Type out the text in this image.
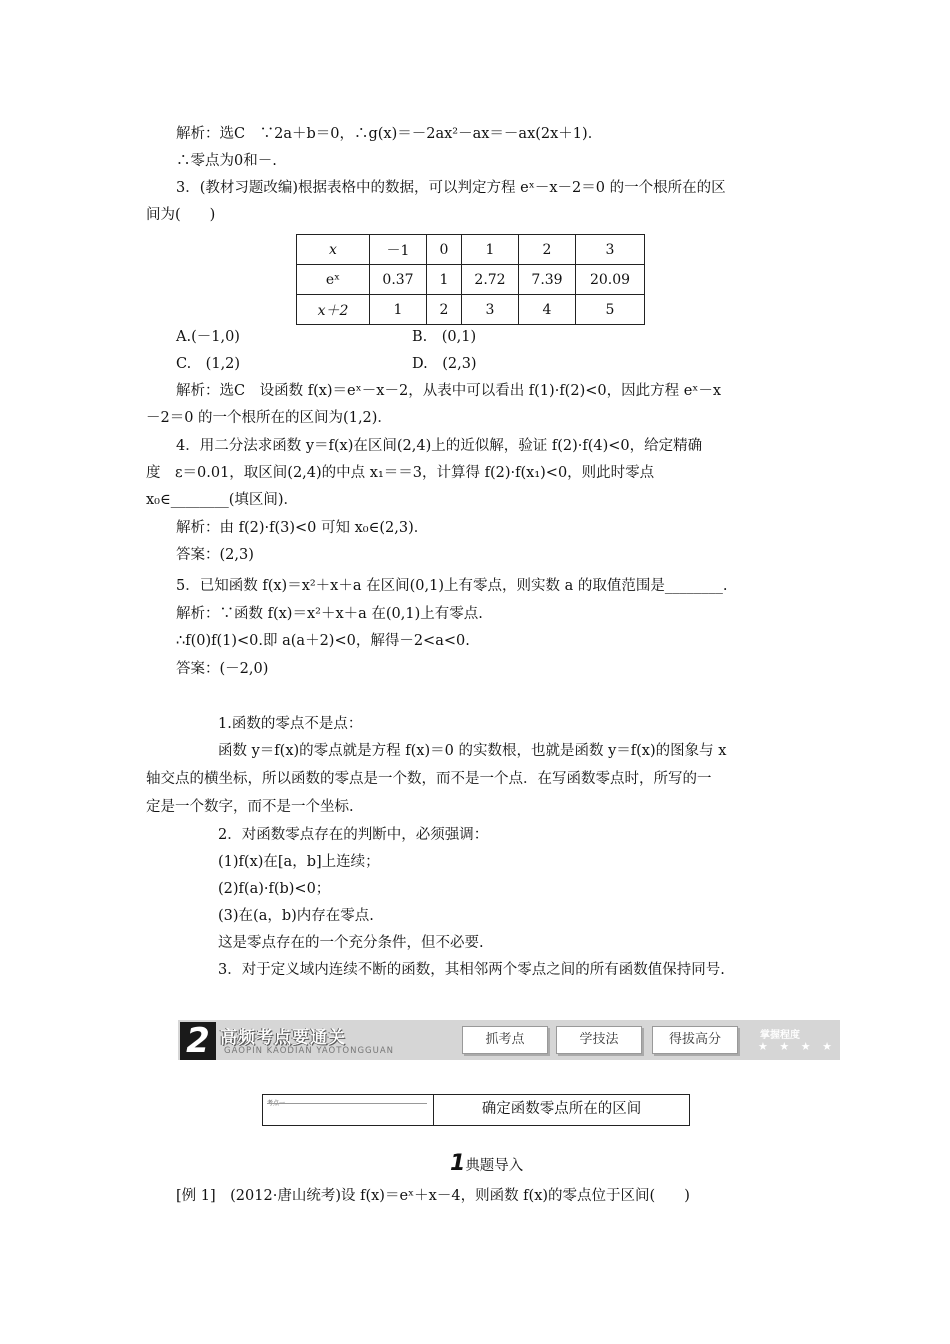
解析：选C　∵2a＋b＝0，∴g(x)＝－2ax²－ax＝－ax(2x＋1)．
∴零点为0和－.
3．(教材习题改编)根据表格中的数据，可以判定方程 eˣ－x－2＝0 的一个根所在的区
间为(　　)
x	－1	0	1	2	3
eˣ	0.37	1	2.72	7.39	20.09
x＋2	1	2	3	4	5
A.(－1,0)	B.　(0,1)
C.　(1,2)	D.　(2,3)
解析：选C　设函数 f(x)＝eˣ－x－2，从表中可以看出 f(1)·f(2)<0，因此方程 eˣ－x
－2＝0 的一个根所在的区间为(1,2)．
4．用二分法求函数 y＝f(x)在区间(2,4)上的近似解，验证 f(2)·f(4)<0，给定精确
度　ε＝0.01，取区间(2,4)的中点 x₁＝＝3，计算得 f(2)·f(x₁)<0，则此时零点
x₀∈________(填区间)．
解析：由 f(2)·f(3)<0 可知 x₀∈(2,3)．
答案：(2,3)
5．已知函数 f(x)＝x²＋x＋a 在区间(0,1)上有零点，则实数 a 的取值范围是________.
解析：∵函数 f(x)＝x²＋x＋a 在(0,1)上有零点.
∴f(0)f(1)<0.即 a(a＋2)<0，解得－2<a<0.
答案：(－2,0)
1.函数的零点不是点：
函数 y＝f(x)的零点就是方程 f(x)＝0 的实数根，也就是函数 y＝f(x)的图象与 x
轴交点的横坐标，所以函数的零点是一个数，而不是一个点．在写函数零点时，所写的一
定是一个数字，而不是一个坐标.
2．对函数零点存在的判断中，必须强调：
(1)f(x)在[a，b]上连续；
(2)f(a)·f(b)<0；
(3)在(a，b)内存在零点.
这是零点存在的一个充分条件，但不必要.
3．对于定义域内连续不断的函数，其相邻两个零点之间的所有函数值保持同号.
2 高频考点要通关
GAOPIN KAODIAN YAOTONGGUAN
抓考点	学技法	得拔高分	掌握程度
★ ★ ★ ★
考点一	确定函数零点所在的区间
1典题导入
[例 1]　(2012·唐山统考)设 f(x)＝eˣ＋x－4，则函数 f(x)的零点位于区间(　　)
